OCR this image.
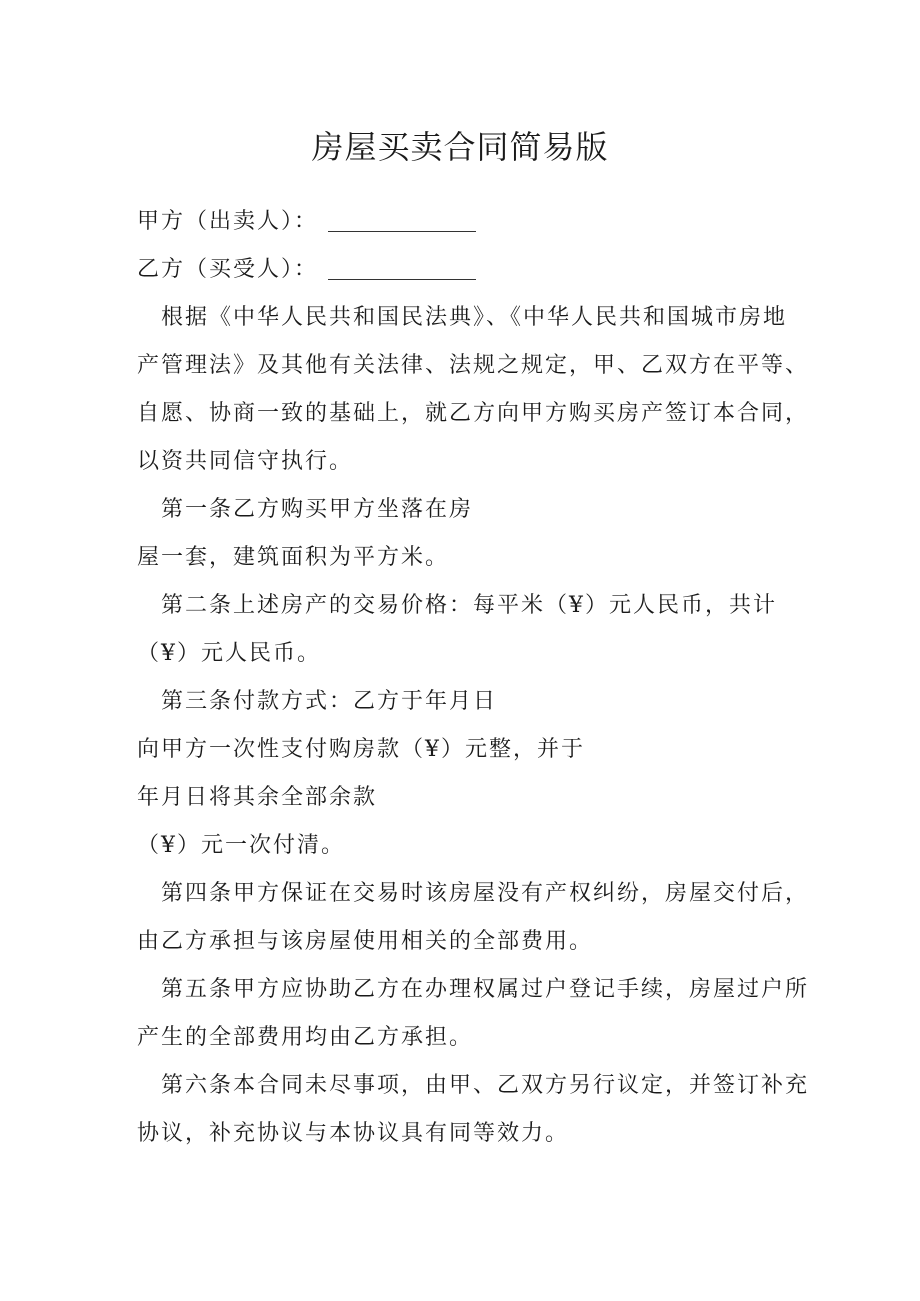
房屋买卖合同简易版
甲方（出卖人）：
乙方（买受人）：
　根据《中华人民共和国民法典》、《中华人民共和国城市房地
产管理法》及其他有关法律、法规之规定，甲、乙双方在平等、
自愿、协商一致的基础上，就乙方向甲方购买房产签订本合同，
以资共同信守执行。
　第一条乙方购买甲方坐落在房
屋一套，建筑面积为平方米。
　第二条上述房产的交易价格：每平米（¥）元人民币，共计
（¥）元人民币。
　第三条付款方式：乙方于年月日
向甲方一次性支付购房款（¥）元整，并于
年月日将其余全部余款
（¥）元一次付清。
　第四条甲方保证在交易时该房屋没有产权纠纷，房屋交付后，
由乙方承担与该房屋使用相关的全部费用。
　第五条甲方应协助乙方在办理权属过户登记手续，房屋过户所
产生的全部费用均由乙方承担。
　第六条本合同未尽事项，由甲、乙双方另行议定，并签订补充
协议，补充协议与本协议具有同等效力。
